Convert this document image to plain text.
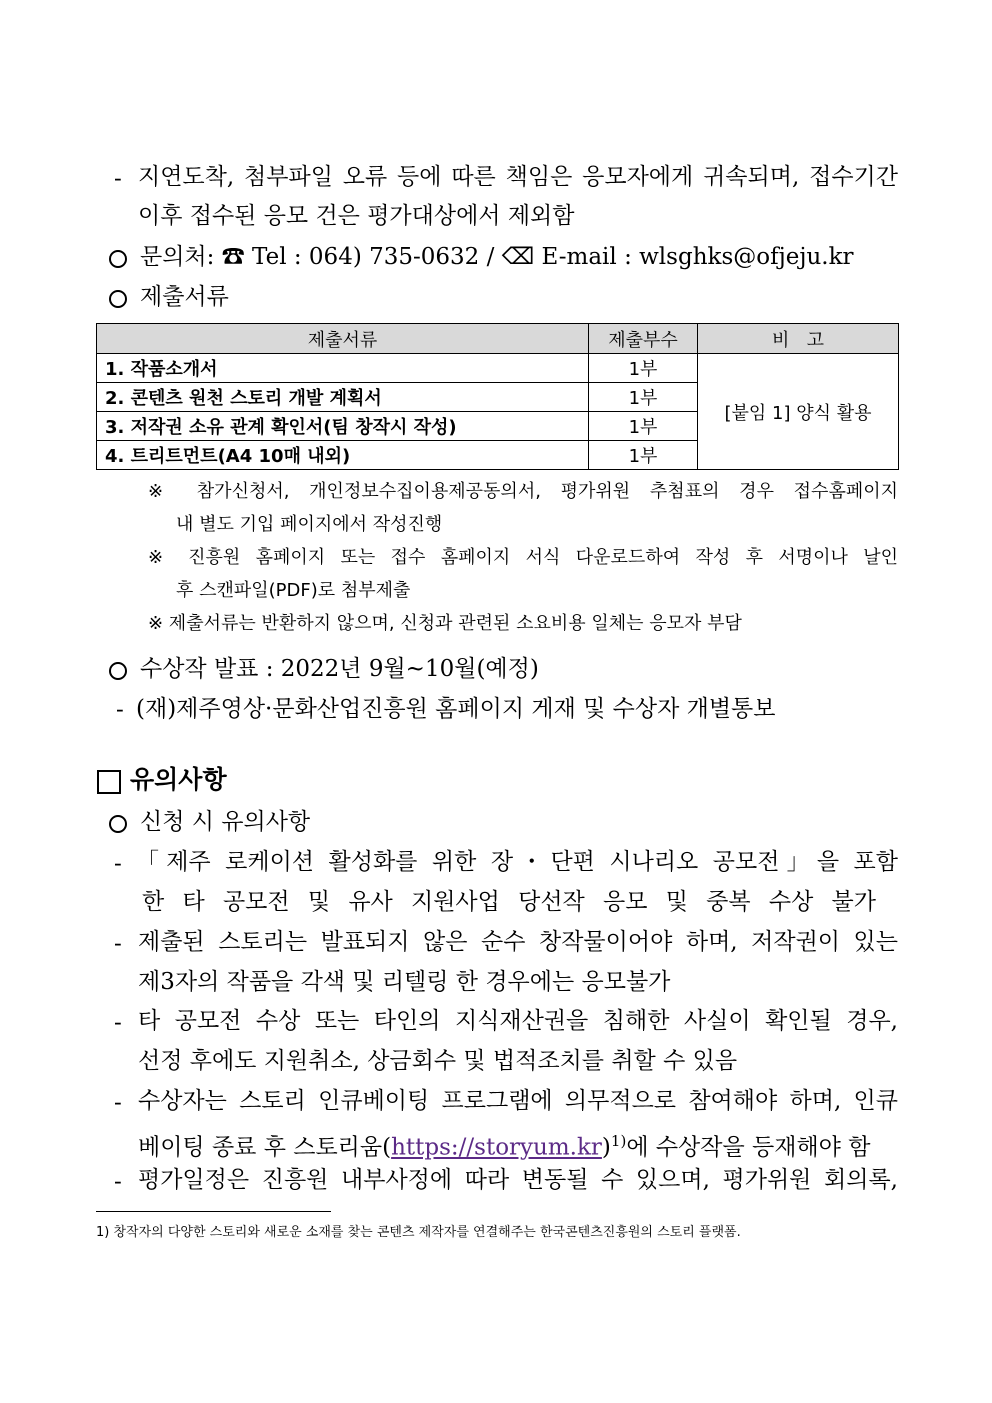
- 지연도착, 첨부파일 오류 등에 따른 책임은 응모자에게 귀속되며, 접수기간
이후 접수된 응모 건은 평가대상에서 제외함
문의처: ☎ Tel : 064) 735-0632 / ⌫ E-mail : wlsghks@ofjeju.kr
제출서류
제출서류	제출부수	비   고
1. 작품소개서	1부	[붙임 1] 양식 활용
2. 콘텐츠 원천 스토리 개발 계획서	1부	
3. 저작권 소유 관계 확인서(팀 창작시 작성)	1부	
4. 트리트먼트(A4 10매 내외)	1부	
※ 참가신청서, 개인정보수집이용제공동의서, 평가위원 추첨표의 경우 접수홈페이지
내 별도 기입 페이지에서 작성진행
※ 진흥원 홈페이지 또는 접수 홈페이지 서식 다운로드하여 작성 후 서명이나 날인
후 스캔파일(PDF)로 첨부제출
※ 제출서류는 반환하지 않으며, 신청과 관련된 소요비용 일체는 응모자 부담
수상작 발표 : 2022년 9월~10월(예정)
- (재)제주영상·문화산업진흥원 홈페이지 게재 및 수상자 개별통보
유의사항
신청 시 유의사항
- 「제주 로케이션 활성화를 위한 장・단편 시나리오 공모전」을 포함
한 타 공모전 및 유사 지원사업 당선작 응모 및 중복 수상 불가
- 제출된 스토리는 발표되지 않은 순수 창작물이어야 하며, 저작권이 있는
제3자의 작품을 각색 및 리텔링 한 경우에는 응모불가
- 타 공모전 수상 또는 타인의 지식재산권을 침해한 사실이 확인될 경우,
선정 후에도 지원취소, 상금회수 및 법적조치를 취할 수 있음
- 수상자는 스토리 인큐베이팅 프로그램에 의무적으로 참여해야 하며, 인큐
베이팅 종료 후 스토리움(https://storyum.kr)$^{1)}$에 수상작을 등재해야 함
- 평가일정은 진흥원 내부사정에 따라 변동될 수 있으며, 평가위원 회의록,
1) 창작자의 다양한 스토리와 새로운 소재를 찾는 콘텐츠 제작자를 연결해주는 한국콘텐츠진흥원의 스토리 플랫폼.
